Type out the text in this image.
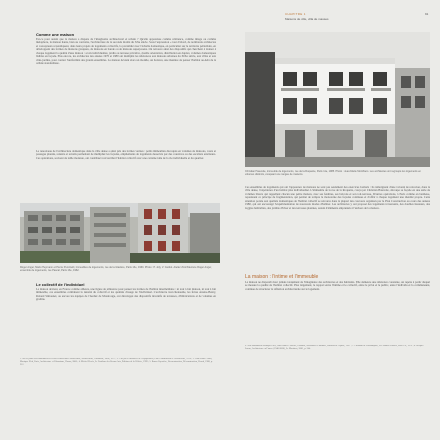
CHAPITRE 1
Maisons de ville, villa de masses
91
Comme une maison
Est-ce pour autant que la maison a disparu de l'imaginaire architectural et urbain ? Qu'elle apparaisse comme référence, comme image ou comme métaphore, la maison hante, bien au contraire, l'architecture de la seconde moitié du XXe siècle. Sous l'expression « tout d'abord, de nombreux architectes et concepteurs revendiquent, dans leurs projets de logements collectifs, la proximité avec l'échelle domestique, en particulier sur le territoire périurbain, en développant des formes de maisons groupées, de maisons en bande ou de maisons superposées. On retrouve ainsi des dispositifs qui cherchent à donner à chaque logement la qualité d'une maison : accès individualisé, jardin ou terrasse privative, double orientation, distribution en duplex, volumes domestiques lisibles en façade. Plus encore, les architectes des années 1970 et 1980 ont multiplié les références aux maisons urbaines du XIXe siècle, aux villas et aux cités-jardins, pour contrer l'uniformité des grands ensembles. La maison devient alors un modèle, un horizon, une manière de penser l'habitat au-delà de la cellule standardisée.
Le renouveau de l'architecture domestique dans la ville dense a ainsi pris des formes variées : petits immeubles découpés en volumes de maisons, cours et passages plantés, redents et retraits permettant de multiplier les façades, empilements de logements desservis par des coursives ou des escaliers extérieurs. Ces opérations, souvent de taille modeste, ont contribué à réconcilier l'habitat collectif avec une certaine idée de la vie individuelle et du quartier.
Roger Anger, Mario Heymann et Pierre Puccinelli, immeubles de logements, rue de la Glacière, Paris 13e, 1960. Photo : P. Joly, V. Cardot. Atelier d'Architecture Roger Anger, ensemble de logements, rue Pascal, Paris 13e, 1962.
Le collectif de l'individuel
La maison devient, en France comme ailleurs, une figure de référence pour penser les formes de l'habitat intermédiaire : ni tout à fait maison, ni tout à fait immeuble, ces ensembles combinent la densité du collectif et les qualités d'usage de l'individuel. L'architecte Jean Renaudie, les frères Arsène-Henry, Roland Simounet, ou encore les équipes de l'Atelier de Montrouge, ont développé des dispositifs inventifs de terrasses, d'imbrications et de volumes en gradins.
1. Sur ce point voir notamment les textes réunis dans Architecture, Mouvement, Continuité, Paris, 1977 ; 2. Cité par le ministère de l'Équipement, Plan Construction et Architecture, 1978 ; 3. Jean-Louis Cohen, Monique Eleb, Paris, Architecture et Urbanisme, Hazan, 2000 ; 4. Michel Denès, Le Fantôme des Beaux-Arts, Éditions de la Villette, 1999 ; 5. Bruno Vayssière, Reconstruction, Déconstruction, Picard, 1988, p. 212.
Christian Hauvette, immeuble de logements, rue de la Roquette, Paris 11e, 1985. Photo : Jean-Marie Monthiers. Les architectes ont regroupé les logements en volumes distincts, évoquant une rangée de maisons.
Ces ensembles de logements qui ont l'apparence de maisons ne sont pas seulement des exercices formels : ils témoignent d'une volonté de retrouver, dans la ville dense, l'expérience d'un habitat plus individualisé. L'immeuble de la rue de la Roquette, conçu par Christian Hauvette, découpe sa façade en une série de volumes blancs qui rappellent chacun une petite maison, avec ses fenêtres, ses balcons et son toit-terrasse. D'autres opérations, à Paris comme en banlieue, reprennent ce principe de fragmentation, qui permet de rompre la monotonie des façades continues et d'offrir à chaque logement une identité propre. Cette attention portée aux qualités domestiques de l'habitat collectif se retrouve dans la plupart des concours organisés par le Plan Construction au cours des années 1980, qui ont encouragé l'expérimentation de nouveaux modes d'habiter. Les architectes y ont proposé des logements traversants, des doubles hauteurs, des loggias habitables, des jardins d'hiver et des terrasses plantées, autant d'éléments empruntés à l'univers de la maison.
La maison : l'intime et l'immeuble
La maison ne disparaît donc jamais totalement de l'imaginaire des architectes et des habitants. Elle demeure une référence constante, un repère à partir duquel se mesure la qualité de l'habitat collectif. Plus largement, le rapport entre l'intime et le collectif, entre le privé et le public, entre l'individu et la communauté, continue de structurer la réflexion architecturale sur le logement.
6. Voir notamment Monique Eleb, Anne-Marie Châtelet, Urbanité, sociabilité et intimité, Éditions de l'Épure, 1997 ; 7. Christian de Portzamparc, Les Hautes-Formes, Paris 13e, 1979 ; 8. Jacques Lucan, Architecture en France (1940-2000), Le Moniteur, 2001, p. 244.
